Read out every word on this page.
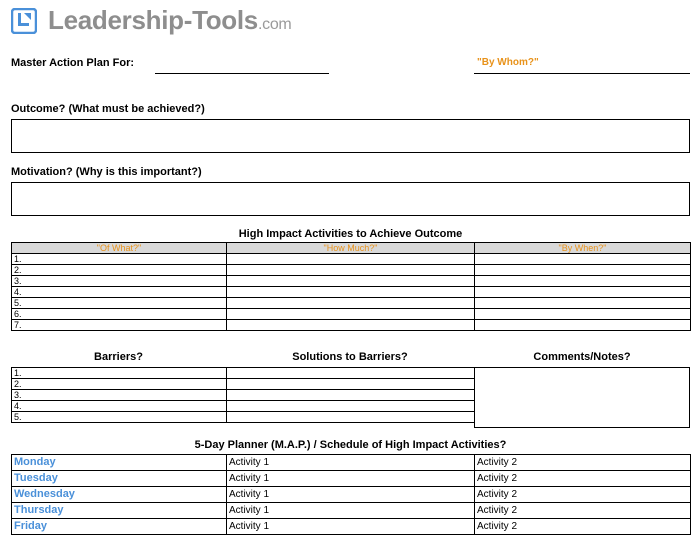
Leadership-Tools.com
Master Action Plan For:	"By Whom?"
Outcome? (What must be achieved?)
Motivation? (Why is this important?)
High Impact Activities to Achieve Outcome
"Of What?"	"How Much?"	"By When?"
1.		
2.		
3.		
4.		
5.		
6.		
7.		
Barriers?	Solutions to Barriers?	Comments/Notes?
1.	
2.	
3.	
4.	
5.	
5-Day Planner (M.A.P.) / Schedule of High Impact Activities?
Monday	Activity 1	Activity 2
Tuesday	Activity 1	Activity 2
Wednesday	Activity 1	Activity 2
Thursday	Activity 1	Activity 2
Friday	Activity 1	Activity 2
